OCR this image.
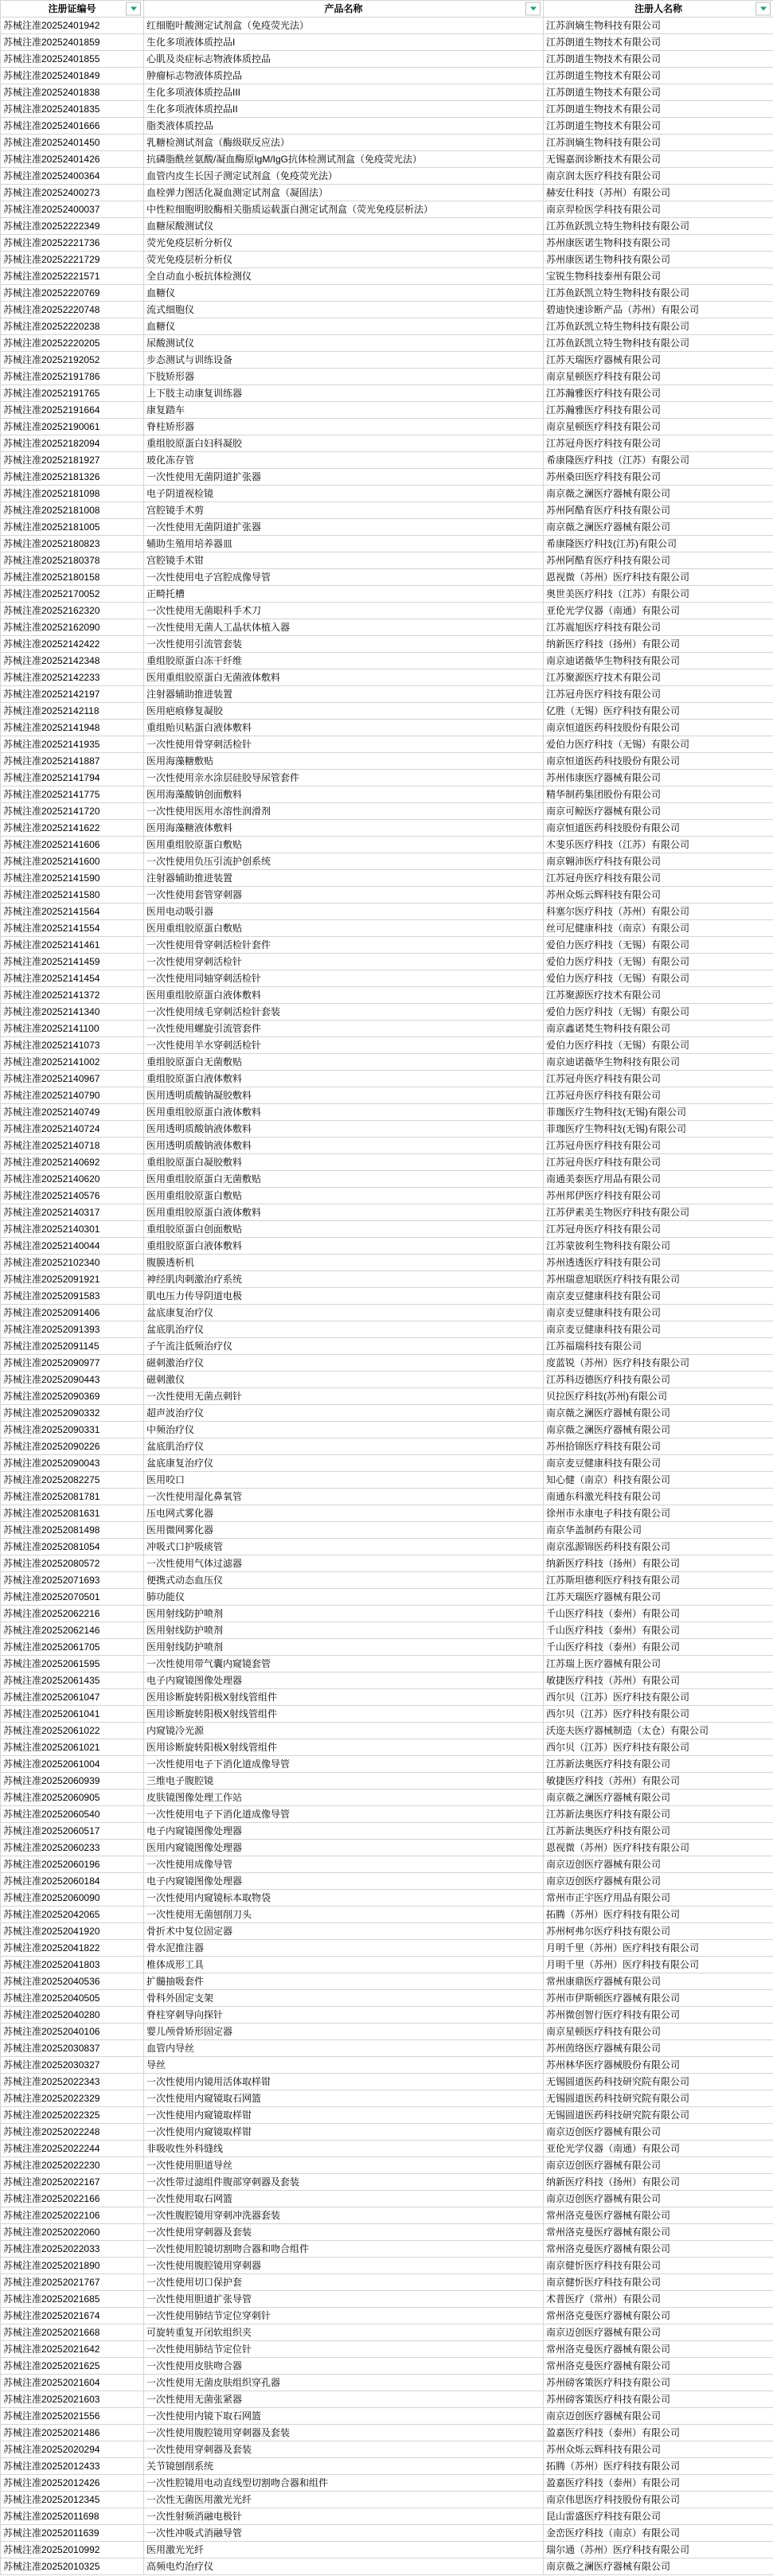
注册证编号	产品名称	注册人名称

苏械注准20252401942	红细胞叶酸测定试剂盒（免疫荧光法）	江苏润熵生物科技有限公司
苏械注准20252401859	生化多项液体质控品I	江苏朗道生物技术有限公司
苏械注准20252401855	心肌及炎症标志物液体质控品	江苏朗道生物技术有限公司
苏械注准20252401849	肿瘤标志物液体质控品	江苏朗道生物技术有限公司
苏械注准20252401838	生化多项液体质控品III	江苏朗道生物技术有限公司
苏械注准20252401835	生化多项液体质控品II	江苏朗道生物技术有限公司
苏械注准20252401666	脂类液体质控品	江苏朗道生物技术有限公司
苏械注准20252401450	乳糖检测试剂盒（酶级联反应法）	江苏润熵生物科技有限公司
苏械注准20252401426	抗磷脂酰丝氨酸/凝血酶原IgM/IgG抗体检测试剂盒（免疫荧光法）	无锡嘉润诊断技术有限公司
苏械注准20252400364	血管内皮生长因子测定试剂盒（免疫荧光法）	南京润太医疗科技有限公司
苏械注准20252400273	血栓弹力图活化凝血测定试剂盒（凝固法）	赫安仕科技（苏州）有限公司
苏械注准20252400037	中性粒细胞明胶酶相关脂质运载蛋白测定试剂盒（荧光免疫层析法）	南京羿检医学科技有限公司
苏械注准20252222349	血糖尿酸测试仪	江苏鱼跃凯立特生物科技有限公司
苏械注准20252221736	荧光免疫层析分析仪	苏州康医诺生物科技有限公司
苏械注准20252221729	荧光免疫层析分析仪	苏州康医诺生物科技有限公司
苏械注准20252221571	全自动血小板抗体检测仪	宝锐生物科技泰州有限公司
苏械注准20252220769	血糖仪	江苏鱼跃凯立特生物科技有限公司
苏械注准20252220748	流式细胞仪	碧迪快速诊断产品（苏州）有限公司
苏械注准20252220238	血糖仪	江苏鱼跃凯立特生物科技有限公司
苏械注准20252220205	尿酸测试仪	江苏鱼跃凯立特生物科技有限公司
苏械注准20252192052	步态测试与训练设备	江苏天瑞医疗器械有限公司
苏械注准20252191786	下肢矫形器	南京星顿医疗科技有限公司
苏械注准20252191765	上下肢主动康复训练器	江苏瀚雅医疗科技有限公司
苏械注准20252191664	康复踏车	江苏瀚雅医疗科技有限公司
苏械注准20252190061	脊柱矫形器	南京星顿医疗科技有限公司
苏械注准20252182094	重组胶原蛋白妇科凝胶	江苏冠舟医疗科技有限公司
苏械注准20252181927	玻化冻存管	希康隆医疗科技（江苏）有限公司
苏械注准20252181326	一次性使用无菌阴道扩张器	苏州桑田医疗科技有限公司
苏械注准20252181098	电子阴道视检镜	南京薇之澜医疗器械有限公司
苏械注准20252181008	宫腔镜手术剪	苏州阿酷育医疗科技有限公司
苏械注准20252181005	一次性使用无菌阴道扩张器	南京薇之澜医疗器械有限公司
苏械注准20252180823	辅助生殖用培养器皿	希康隆医疗科技(江苏)有限公司
苏械注准20252180378	宫腔镜手术钳	苏州阿酷育医疗科技有限公司
苏械注准20252180158	一次性使用电子宫腔成像导管	恩视微（苏州）医疗科技有限公司
苏械注准20252170052	正畸托槽	奥世美医疗科技（江苏）有限公司
苏械注准20252162320	一次性使用无菌眼科手术刀	亚伦光学仪器（南通）有限公司
苏械注准20252162090	一次性使用无菌人工晶状体植入器	江苏震旭医疗科技有限公司
苏械注准20252142422	一次性使用引流管套装	纳新医疗科技（扬州）有限公司
苏械注准20252142348	重组胶原蛋白冻干纤维	南京迪诺薇华生物科技有限公司
苏械注准20252142233	医用重组胶原蛋白无菌液体敷料	江苏聚源医疗技术有限公司
苏械注准20252142197	注射器辅助推进装置	江苏冠舟医疗科技有限公司
苏械注准20252142118	医用疤痕修复凝胶	亿胜（无锡）医疗科技有限公司
苏械注准20252141948	重组贻贝粘蛋白液体敷料	南京恒道医药科技股份有限公司
苏械注准20252141935	一次性使用骨穿刺活检针	爱伯力医疗科技（无锡）有限公司
苏械注准20252141887	医用海藻糖敷贴	南京恒道医药科技股份有限公司
苏械注准20252141794	一次性使用亲水涂层硅胶导尿管套件	苏州伟康医疗器械有限公司
苏械注准20252141775	医用海藻酸钠创面敷料	精华制药集团股份有限公司
苏械注准20252141720	一次性使用医用水溶性润滑剂	南京可鲸医疗器械有限公司
苏械注准20252141622	医用海藻糖液体敷料	南京恒道医药科技股份有限公司
苏械注准20252141606	医用重组胶原蛋白敷贴	木斐乐医疗科技（江苏）有限公司
苏械注准20252141600	一次性使用负压引流护创系统	南京翱沛医疗科技有限公司
苏械注准20252141590	注射器辅助推进装置	江苏冠舟医疗科技有限公司
苏械注准20252141580	一次性使用套管穿刺器	苏州众烁云辉科技有限公司
苏械注准20252141564	医用电动吸引器	科塞尔医疗科技（苏州）有限公司
苏械注准20252141554	医用重组胶原蛋白敷贴	丝可尼健康科技（南京）有限公司
苏械注准20252141461	一次性使用骨穿刺活检针套件	爱伯力医疗科技（无锡）有限公司
苏械注准20252141459	一次性使用穿刺活检针	爱伯力医疗科技（无锡）有限公司
苏械注准20252141454	一次性使用同轴穿刺活检针	爱伯力医疗科技（无锡）有限公司
苏械注准20252141372	医用重组胶原蛋白液体敷料	江苏聚源医疗技术有限公司
苏械注准20252141340	一次性使用绒毛穿刺活检针套装	爱伯力医疗科技（无锡）有限公司
苏械注准20252141100	一次性使用螺旋引流管套件	南京鑫诺梵生物科技有限公司
苏械注准20252141073	一次性使用羊水穿刺活检针	爱伯力医疗科技（无锡）有限公司
苏械注准20252141002	重组胶原蛋白无菌敷贴	南京迪诺薇华生物科技有限公司
苏械注准20252140967	重组胶原蛋白液体敷料	江苏冠舟医疗科技有限公司
苏械注准20252140790	医用透明质酸钠凝胶敷料	江苏冠舟医疗科技有限公司
苏械注准20252140749	医用重组胶原蛋白液体敷料	菲珈医疗生物科技(无锡)有限公司
苏械注准20252140724	医用透明质酸钠液体敷料	菲珈医疗生物科技(无锡)有限公司
苏械注准20252140718	医用透明质酸钠液体敷料	江苏冠舟医疗科技有限公司
苏械注准20252140692	重组胶原蛋白凝胶敷料	江苏冠舟医疗科技有限公司
苏械注准20252140620	医用重组胶原蛋白无菌敷贴	南通美泰医疗用品有限公司
苏械注准20252140576	医用重组胶原蛋白敷贴	苏州邦伊医疗科技有限公司
苏械注准20252140317	医用重组胶原蛋白液体敷料	江苏伊素美生物医疗科技有限公司
苏械注准20252140301	重组胶原蛋白创面敷贴	江苏冠舟医疗科技有限公司
苏械注准20252140044	重组胶原蛋白液体敷料	江苏蒙彼利生物科技有限公司
苏械注准20252102340	腹膜透析机	苏州透透医疗科技有限公司
苏械注准20252091921	神经肌肉刺激治疗系统	苏州瑞意旭联医疗科技有限公司
苏械注准20252091583	肌电压力传导阴道电极	南京麦豆健康科技有限公司
苏械注准20252091406	盆底康复治疗仪	南京麦豆健康科技有限公司
苏械注准20252091393	盆底肌治疗仪	南京麦豆健康科技有限公司
苏械注准20252091145	子午流注低频治疗仪	江苏福瑞科技有限公司
苏械注准20252090977	磁刺激治疗仪	度蓝锐（苏州）医疗科技有限公司
苏械注准20252090443	磁刺激仪	江苏科迈德医疗科技有限公司
苏械注准20252090369	一次性使用无菌点刺针	贝拉医疗科技(苏州)有限公司
苏械注准20252090332	超声波治疗仪	南京薇之澜医疗器械有限公司
苏械注准20252090331	中频治疗仪	南京薇之澜医疗器械有限公司
苏械注准20252090226	盆底肌治疗仪	苏州拾锦医疗科技有限公司
苏械注准20252090043	盆底康复治疗仪	南京麦豆健康科技有限公司
苏械注准20252082275	医用咬口	知心健（南京）科技有限公司
苏械注准20252081781	一次性使用湿化鼻氧管	南通东科激光科技有限公司
苏械注准20252081631	压电网式雾化器	徐州市永康电子科技有限公司
苏械注准20252081498	医用微网雾化器	南京华盖制药有限公司
苏械注准20252081054	冲吸式口护吸痰管	南京泓源锦医药科技有限公司
苏械注准20252080572	一次性使用气体过滤器	纳新医疗科技（扬州）有限公司
苏械注准20252071693	便携式动态血压仪	江苏斯坦德利医疗科技有限公司
苏械注准20252070501	肺功能仪	江苏天瑞医疗器械有限公司
苏械注准20252062216	医用射线防护喷剂	千山医疗科技（泰州）有限公司
苏械注准20252062146	医用射线防护喷剂	千山医疗科技（泰州）有限公司
苏械注准20252061705	医用射线防护喷剂	千山医疗科技（泰州）有限公司
苏械注准20252061595	一次性使用带气囊内窥镜套管	江苏瑞上医疗器械有限公司
苏械注准20252061435	电子内窥镜图像处理器	敏捷医疗科技（苏州）有限公司
苏械注准20252061047	医用诊断旋转阳极X射线管组件	西尔贝（江苏）医疗科技有限公司
苏械注准20252061041	医用诊断旋转阳极X射线管组件	西尔贝（江苏）医疗科技有限公司
苏械注准20252061022	内窥镜冷光源	沃迩夫医疗器械制造（太仓）有限公司
苏械注准20252061021	医用诊断旋转阳极X射线管组件	西尔贝（江苏）医疗科技有限公司
苏械注准20252061004	一次性使用电子下消化道成像导管	江苏新法奥医疗科技有限公司
苏械注准20252060939	三维电子腹腔镜	敏捷医疗科技（苏州）有限公司
苏械注准20252060905	皮肤镜图像处理工作站	南京薇之澜医疗器械有限公司
苏械注准20252060540	一次性使用电子下消化道成像导管	江苏新法奥医疗科技有限公司
苏械注准20252060517	电子内窥镜图像处理器	江苏新法奥医疗科技有限公司
苏械注准20252060233	医用内窥镜图像处理器	恩视微（苏州）医疗科技有限公司
苏械注准20252060196	一次性使用成像导管	南京迈创医疗器械有限公司
苏械注准20252060184	电子内窥镜图像处理器	南京迈创医疗器械有限公司
苏械注准20252060090	一次性使用内窥镜标本取物袋	常州市正宇医疗用品有限公司
苏械注准20252042065	一次性使用无菌刨削刀头	拓腾（苏州）医疗科技有限公司
苏械注准20252041920	骨折术中复位固定器	苏州柯弗尔医疗科技有限公司
苏械注准20252041822	骨水泥推注器	月明千里（苏州）医疗科技有限公司
苏械注准20252041803	椎体成形工具	月明千里（苏州）医疗科技有限公司
苏械注准20252040536	扩髓抽吸套件	常州康鼎医疗器械有限公司
苏械注准20252040505	骨科外固定支架	苏州市伊斯顿医疗器械有限公司
苏械注准20252040280	脊柱穿刺导向探针	苏州微创智行医疗科技有限公司
苏械注准20252040106	婴儿颅骨矫形固定器	南京星顿医疗科技有限公司
苏械注准20252030837	血管内导丝	苏州茵络医疗器械有限公司
苏械注准20252030327	导丝	苏州林华医疗器械股份有限公司
苏械注准20252022343	一次性使用内镜用活体取样钳	无锡圆道医药科技研究院有限公司
苏械注准20252022329	一次性使用内窥镜取石网篮	无锡圆道医药科技研究院有限公司
苏械注准20252022325	一次性使用内窥镜取样钳	无锡圆道医药科技研究院有限公司
苏械注准20252022248	一次性使用内窥镜取样钳	南京迈创医疗器械有限公司
苏械注准20252022244	非吸收性外科缝线	亚伦光学仪器（南通）有限公司
苏械注准20252022230	一次性使用胆道导丝	南京迈创医疗器械有限公司
苏械注准20252022167	一次性带过滤组件腹部穿刺器及套装	纳新医疗科技（扬州）有限公司
苏械注准20252022166	一次性使用取石网篮	南京迈创医疗器械有限公司
苏械注准20252022106	一次性腹腔镜用穿刺冲洗器套装	常州洛克曼医疗器械有限公司
苏械注准20252022060	一次性使用穿刺器及套装	常州洛克曼医疗器械有限公司
苏械注准20252022033	一次性使用腔镜切割吻合器和吻合组件	常州洛克曼医疗器械有限公司
苏械注准20252021890	一次性使用腹腔镜用穿刺器	南京健忻医疗科技有限公司
苏械注准20252021767	一次性使用切口保护套	南京健忻医疗科技有限公司
苏械注准20252021685	一次性使用胆道扩张导管	术普医疗（常州）有限公司
苏械注准20252021674	一次性使用肺结节定位穿刺针	常州洛克曼医疗器械有限公司
苏械注准20252021668	可旋转重复开闭软组织夹	南京迈创医疗器械有限公司
苏械注准20252021642	一次性使用肺结节定位针	常州洛克曼医疗器械有限公司
苏械注准20252021625	一次性使用皮肤吻合器	常州洛克曼医疗器械有限公司
苏械注准20252021604	一次性使用无菌皮肤组织穿孔器	苏州磅客策医疗科技有限公司
苏械注准20252021603	一次性使用无菌张紧器	苏州磅客策医疗科技有限公司
苏械注准20252021556	一次性使用内镜下取石网篮	南京迈创医疗器械有限公司
苏械注准20252021486	一次性使用腹腔镜用穿刺器及套装	盈嘉医疗科技（泰州）有限公司
苏械注准20252020294	一次性使用穿刺器及套装	苏州众烁云辉科技有限公司
苏械注准20252012433	关节镜刨削系统	拓腾（苏州）医疗科技有限公司
苏械注准20252012426	一次性腔镜用电动直线型切割吻合器和组件	盈嘉医疗科技（泰州）有限公司
苏械注准20252012345	一次性无菌医用激光光纤	南京伟思医疗科技股份有限公司
苏械注准20252011698	一次性射频消融电极针	昆山雷盛医疗科技有限公司
苏械注准20252011639	一次性冲吸式消融导管	金峦医疗科技（南京）有限公司
苏械注准20252010992	医用激光光纤	瑞尔通（苏州）医疗科技有限公司
苏械注准20252010325	高频电灼治疗仪	南京薇之澜医疗器械有限公司
